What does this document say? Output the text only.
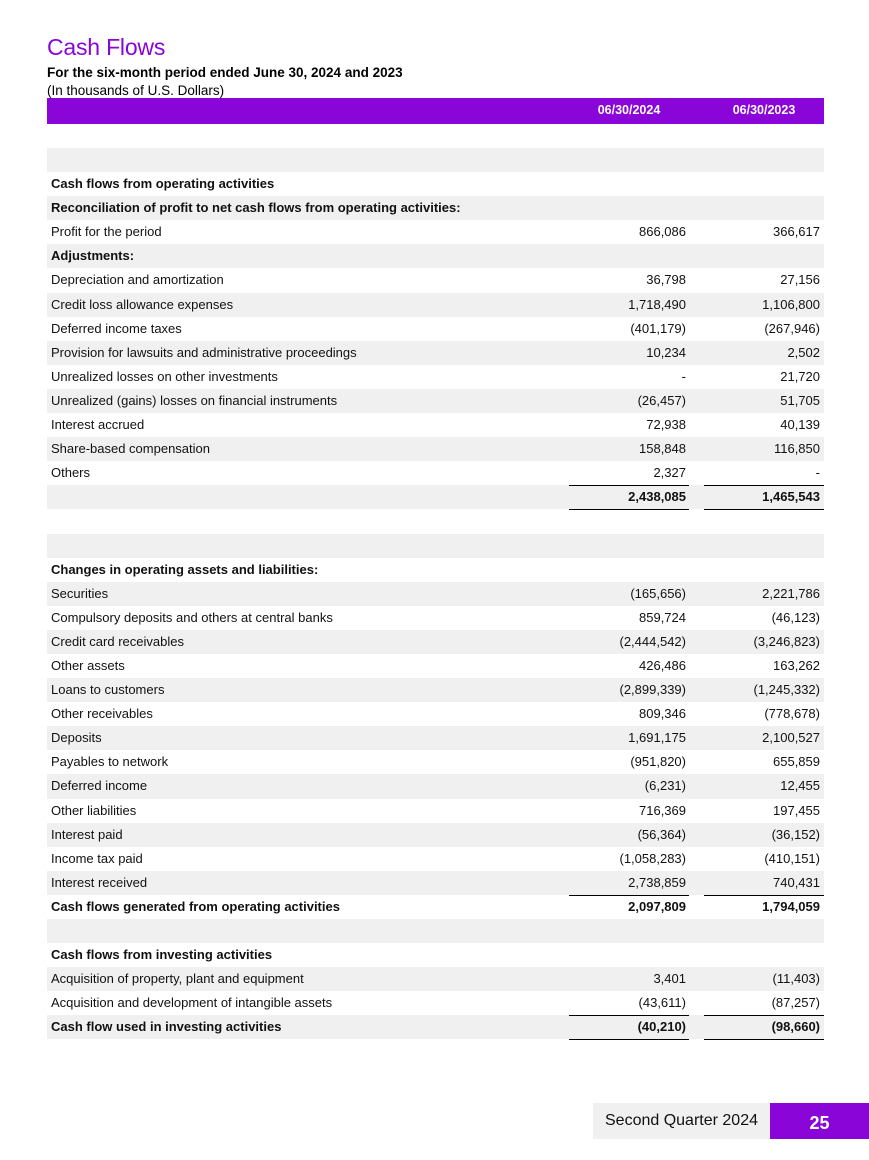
Cash Flows
For the six-month period ended June 30, 2024 and 2023
(In thousands of U.S. Dollars)
06/30/2024	06/30/2023
Cash flows from operating activities
Reconciliation of profit to net cash flows from operating activities:
Profit for the period	866,086	366,617
Adjustments:
Depreciation and amortization	36,798	27,156
Credit loss allowance expenses	1,718,490	1,106,800
Deferred income taxes	(401,179)	(267,946)
Provision for lawsuits and administrative proceedings	10,234	2,502
Unrealized losses on other investments	-	21,720
Unrealized (gains) losses on financial instruments	(26,457)	51,705
Interest accrued	72,938	40,139
Share-based compensation	158,848	116,850
Others	2,327	-
2,438,085	1,465,543
Changes in operating assets and liabilities:
Securities	(165,656)	2,221,786
Compulsory deposits and others at central banks	859,724	(46,123)
Credit card receivables	(2,444,542)	(3,246,823)
Other assets	426,486	163,262
Loans to customers	(2,899,339)	(1,245,332)
Other receivables	809,346	(778,678)
Deposits	1,691,175	2,100,527
Payables to network	(951,820)	655,859
Deferred income	(6,231)	12,455
Other liabilities	716,369	197,455
Interest paid	(56,364)	(36,152)
Income tax paid	(1,058,283)	(410,151)
Interest received	2,738,859	740,431
Cash flows generated from operating activities	2,097,809	1,794,059
Cash flows from investing activities
Acquisition of property, plant and equipment	3,401	(11,403)
Acquisition and development of intangible assets	(43,611)	(87,257)
Cash flow used in investing activities	(40,210)	(98,660)
Second Quarter 2024	25
